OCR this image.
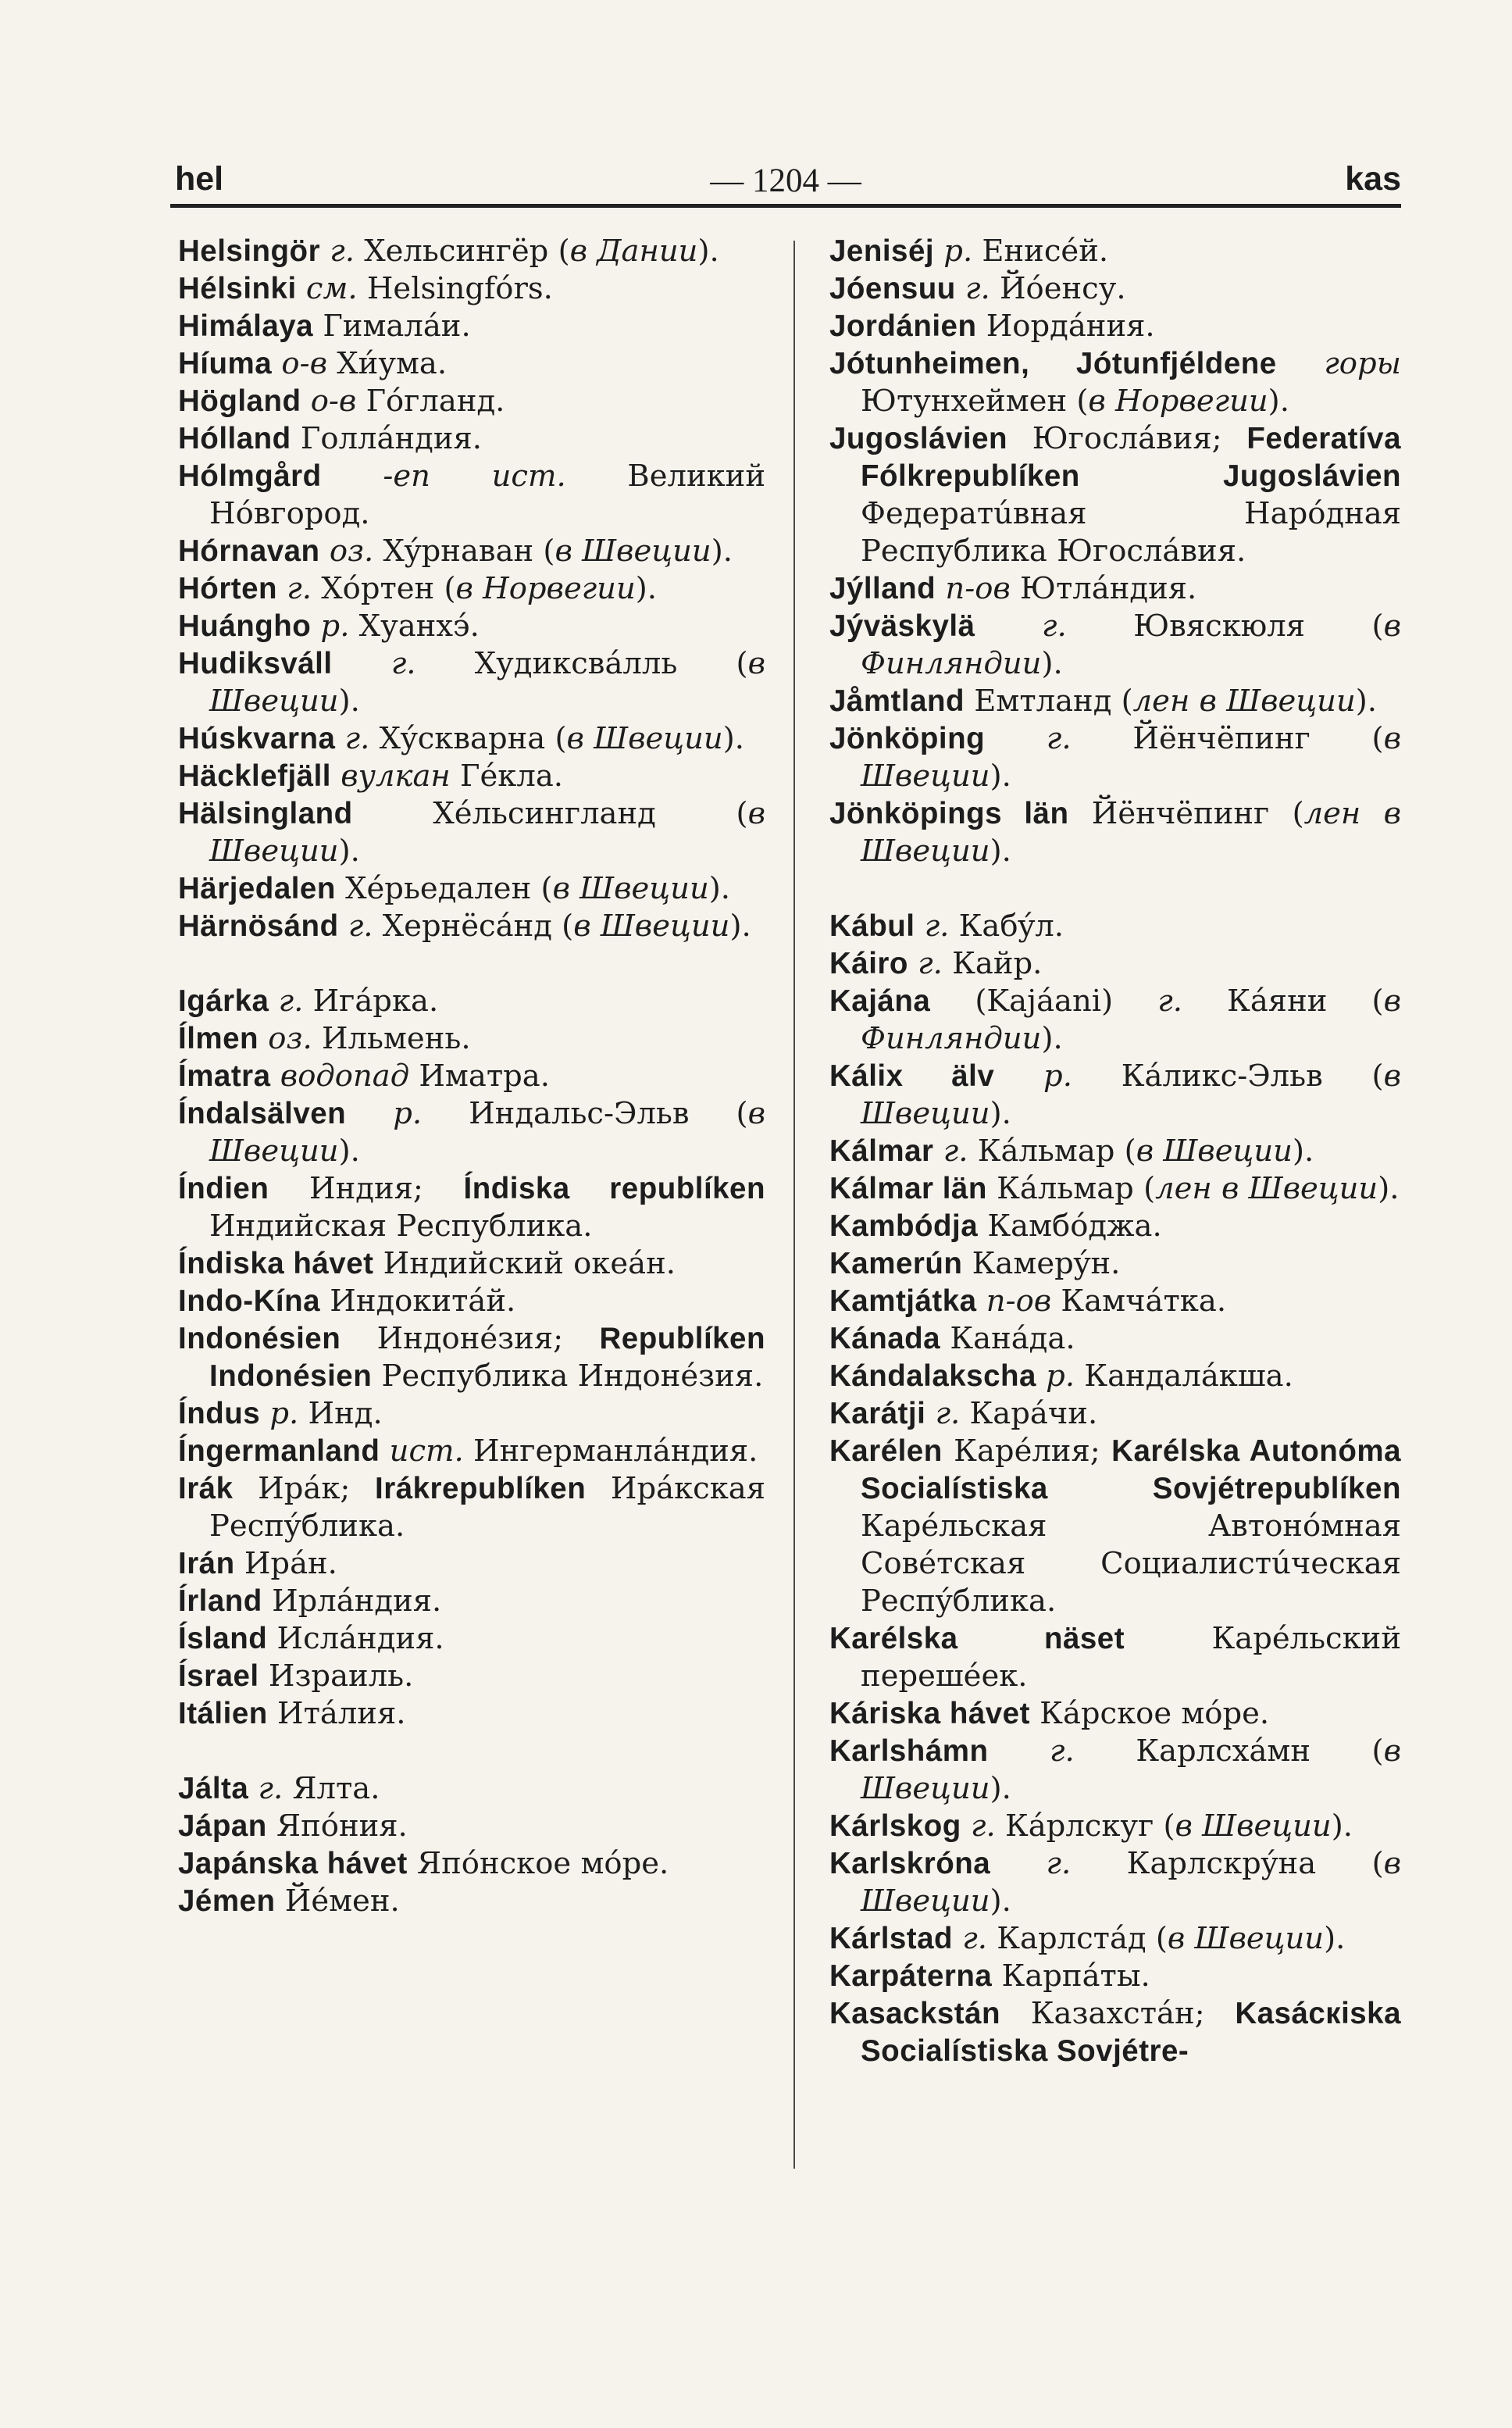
hel	— 1204 —	kas

Helsingör г. Хельсингёр (в Дании).

Hélsinki см. Helsingfórs.

Himálaya Гималáи.

Híuma о-в Хи́ума.

Högland о-в Гóгланд.

Hólland Голлáндия.

Hólmgård -en ист. Великий Нóвгород.

Hórnavan оз. Хýрнаван (в Швеции).

Hórten г. Хóртен (в Норвегии).

Huángho р. Хуанхэ́.

Hudiksváll г. Худиксвáлль (в Швеции).

Húskvarna г. Хýскварна (в Швеции).

Häcklefjäll вулкан Гéкла.

Hälsingland Хéльсингланд (в Швеции).

Härjedalen Хéрьедален (в Швеции).

Härnösánd г. Хернёсáнд (в Швеции).

Igárka г. Игáрка.

Ílmen оз. Ильмень.

Ímatra водопад Иматра.

Índalsälven р. Индальс-Эльв (в Швеции).

Índien Индия; Índiska republíken Индийская Республика.

Índiska hávet Индийский океáн.

Indo-Kína Индокитáй.

Indonésien Индонéзия; Republíken Indonésien Республика Индонéзия.

Índus р. Инд.

Íngermanland ист. Ингерманлáндия.

Irák Ирáк; Irákrepublíken Ирáкская Респýблика.

Irán Ирáн.

Írland Ирлáндия.

Ísland Ислáндия.

Ísrael Израиль.

Itálien Итáлия.

Jálta г. Ялта.

Jápan Япóния.

Japánska hávet Япóнское мóре.

Jémen Йéмен.

Jeniséj р. Енисéй.

Jóensuu г. Йóенсу.

Jordánien Иордáния.

Jótunheimen, Jótunfjéldene горы Ютунхеймен (в Норвегии).

Jugoslávien Югослáвия; Federatíva Fólkrepublíken Jugoslávien Федератúвная Нарóдная Республика Югослáвия.

Jýlland п-ов Ютлáндия.

Jýväskylä г. Ювяскюля (в Финляндии).

Jåmtland Емтланд (лен в Швеции).

Jönköping г. Йёнчёпинг (в Швеции).

Jönköpings län Йёнчёпинг (лен в Швеции).

Kábul г. Кабýл.

Káiro г. Кайр.

Kajána (Kajáani) г. Кáяни (в Финляндии).

Kálix älv р. Кáликс-Эльв (в Швеции).

Kálmar г. Кáльмар (в Швеции).

Kálmar län Кáльмар (лен в Швеции).

Kambódja Камбóджа.

Kamerún Камерýн.

Kamtjátka п-ов Камчáтка.

Kánada Канáда.

Kándalakscha р. Кандалáкша.

Karátji г. Карáчи.

Karélen Карéлия; Karélska Autonóma Socialístiska Sovjétrepublíken Карéльская Автонóмная Совéтская Социалистúческая Респýблика.

Karélska näset Карéльский перешéек.

Káriska hávet Кáрское мóре.

Karlshámn г. Карлсхáмн (в Швеции).

Kárlskog г. Кáрлскуг (в Швеции).

Karlskróna г. Карлскрýна (в Швеции).

Kárlstad г. Карлстáд (в Швеции).

Karpáterna Карпáты.

Kasackstán Казахстáн; Kasácкiska Socialístiska Sovjétre-
